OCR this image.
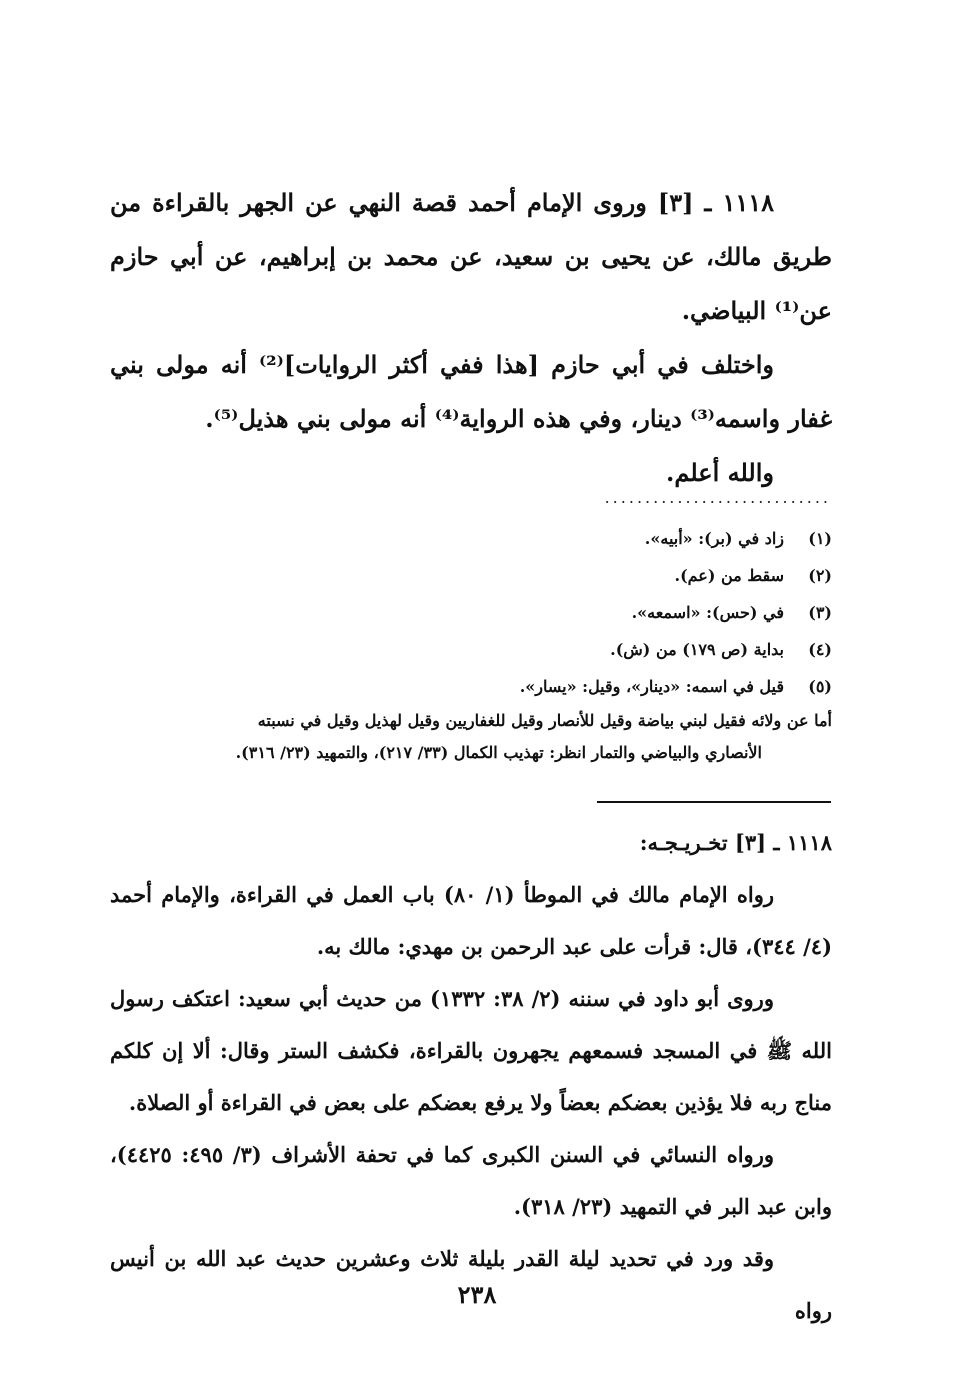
١١١٨ ـ [٣] وروى الإمام أحمد قصة النهي عن الجهر بالقراءة من طريق مالك، عن يحيى بن سعيد، عن محمد بن إبراهيم، عن أبي حازم عن⁽¹⁾ البياضي.

واختلف في أبي حازم [هذا ففي أكثر الروايات]⁽²⁾ أنه مولى بني غفار واسمه⁽³⁾ دينار، وفي هذه الرواية⁽⁴⁾ أنه مولى بني هذيل⁽⁵⁾.

والله أعلم.

............................
(١)
زاد في (بر): «أبيه».
(٢)
سقط من (عم).
(٣)
في (حس): «اسمعه».
(٤)
بداية (ص ١٧٩) من (ش).
(٥)
قيل في اسمه: «دينار»، وقيل: «يسار».

أما عن ولائه فقيل لبني بياضة وقيل للأنصار وقيل للغفاريين وقيل لهذيل وقيل في نسبته

الأنصاري والبياضي والتمار انظر: تهذيب الكمال (٣٣/ ٢١٧)، والتمهيد (٢٣/ ٣١٦).

١١١٨ ـ [٣] تخـريـجـه:

رواه الإمام مالك في الموطأ (١/ ٨٠) باب العمل في القراءة، والإمام أحمد (٤/ ٣٤٤)، قال: قرأت على عبد الرحمن بن مهدي: مالك به.

وروى أبو داود في سننه (٢/ ٣٨: ١٣٣٢) من حديث أبي سعيد: اعتكف رسول الله ﷺ في المسجد فسمعهم يجهرون بالقراءة، فكشف الستر وقال: ألا إن كلكم مناج ربه فلا يؤذين بعضكم بعضاً ولا يرفع بعضكم على بعض في القراءة أو الصلاة.

ورواه النسائي في السنن الكبرى كما في تحفة الأشراف (٣/ ٤٩٥: ٤٤٢٥)، وابن عبد البر في التمهيد (٢٣/ ٣١٨).

وقد ورد في تحديد ليلة القدر بليلة ثلاث وعشرين حديث عبد الله بن أنيس رواه

٢٣٨
